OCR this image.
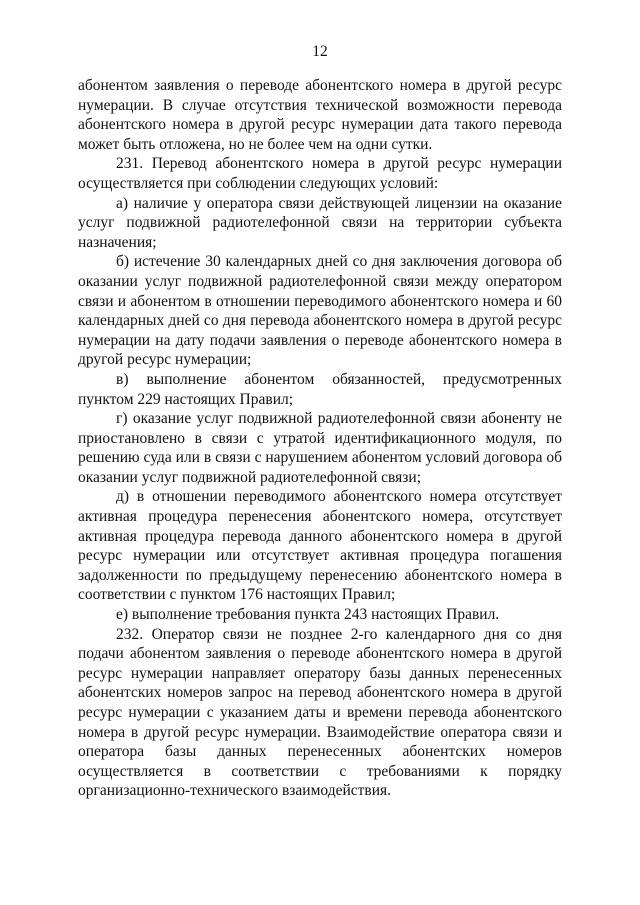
12

абонентом заявления о переводе абонентского номера в другой ресурс нумерации. В случае отсутствия технической возможности перевода абонентского номера в другой ресурс нумерации дата такого перевода может быть отложена, но не более чем на одни сутки.

231. Перевод абонентского номера в другой ресурс нумерации осуществляется при соблюдении следующих условий:

а) наличие у оператора связи действующей лицензии на оказание услуг подвижной радиотелефонной связи на территории субъекта назначения;

б) истечение 30 календарных дней со дня заключения договора об оказании услуг подвижной радиотелефонной связи между оператором связи и абонентом в отношении переводимого абонентского номера и 60 календарных дней со дня перевода абонентского номера в другой ресурс нумерации на дату подачи заявления о переводе абонентского номера в другой ресурс нумерации;

в) выполнение абонентом обязанностей, предусмотренных пунктом 229 настоящих Правил;

г) оказание услуг подвижной радиотелефонной связи абоненту не приостановлено в связи с утратой идентификационного модуля, по решению суда или в связи с нарушением абонентом условий договора об оказании услуг подвижной радиотелефонной связи;

д) в отношении переводимого абонентского номера отсутствует активная процедура перенесения абонентского номера, отсутствует активная процедура перевода данного абонентского номера в другой ресурс нумерации или отсутствует активная процедура погашения задолженности по предыдущему перенесению абонентского номера в соответствии с пунктом 176 настоящих Правил;

е) выполнение требования пункта 243 настоящих Правил.

232. Оператор связи не позднее 2-го календарного дня со дня подачи абонентом заявления о переводе абонентского номера в другой ресурс нумерации направляет оператору базы данных перенесенных абонентских номеров запрос на перевод абонентского номера в другой ресурс нумерации с указанием даты и времени перевода абонентского номера в другой ресурс нумерации. Взаимодействие оператора связи и оператора базы данных перенесенных абонентских номеров осуществляется в соответствии с требованиями к порядку организационно-технического взаимодействия.
